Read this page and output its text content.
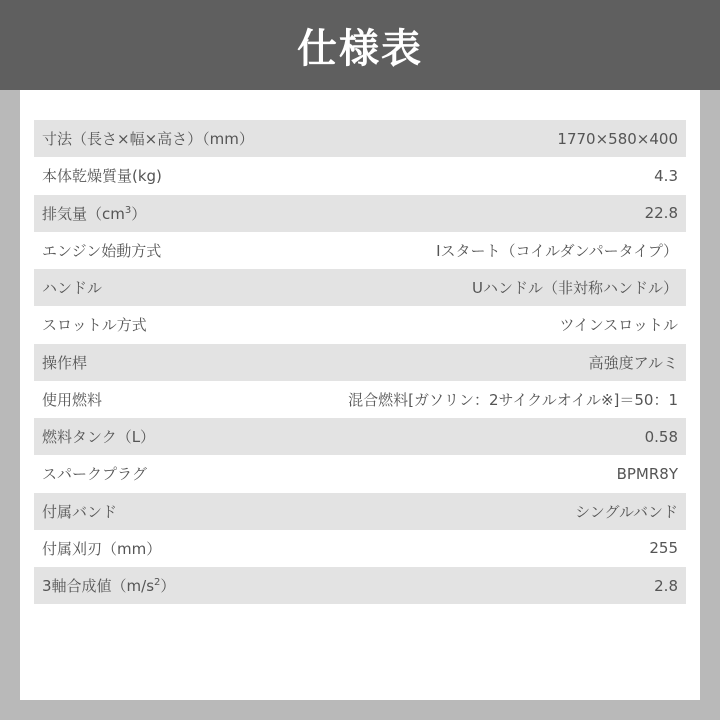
仕様表
寸法（長さ×幅×高さ）（mm）	1770×580×400
本体乾燥質量(kg)	4.3
排気量$(cm^3)$	22.8
エンジン始動方式	Iスタート（コイルダンパータイプ）
ハンドル	Uハンドル（非対称ハンドル）
スロットル方式	ツインスロットル
操作桿	高強度アルミ
使用燃料	混合燃料[ガソリン：2サイクルオイル※]＝50：1
燃料タンク（L）	0.58
スパークプラグ	BPMR8Y
付属バンド	シングルバンド
付属刈刃（mm）	255
3軸合成値$(m/s^2)$	2.8
